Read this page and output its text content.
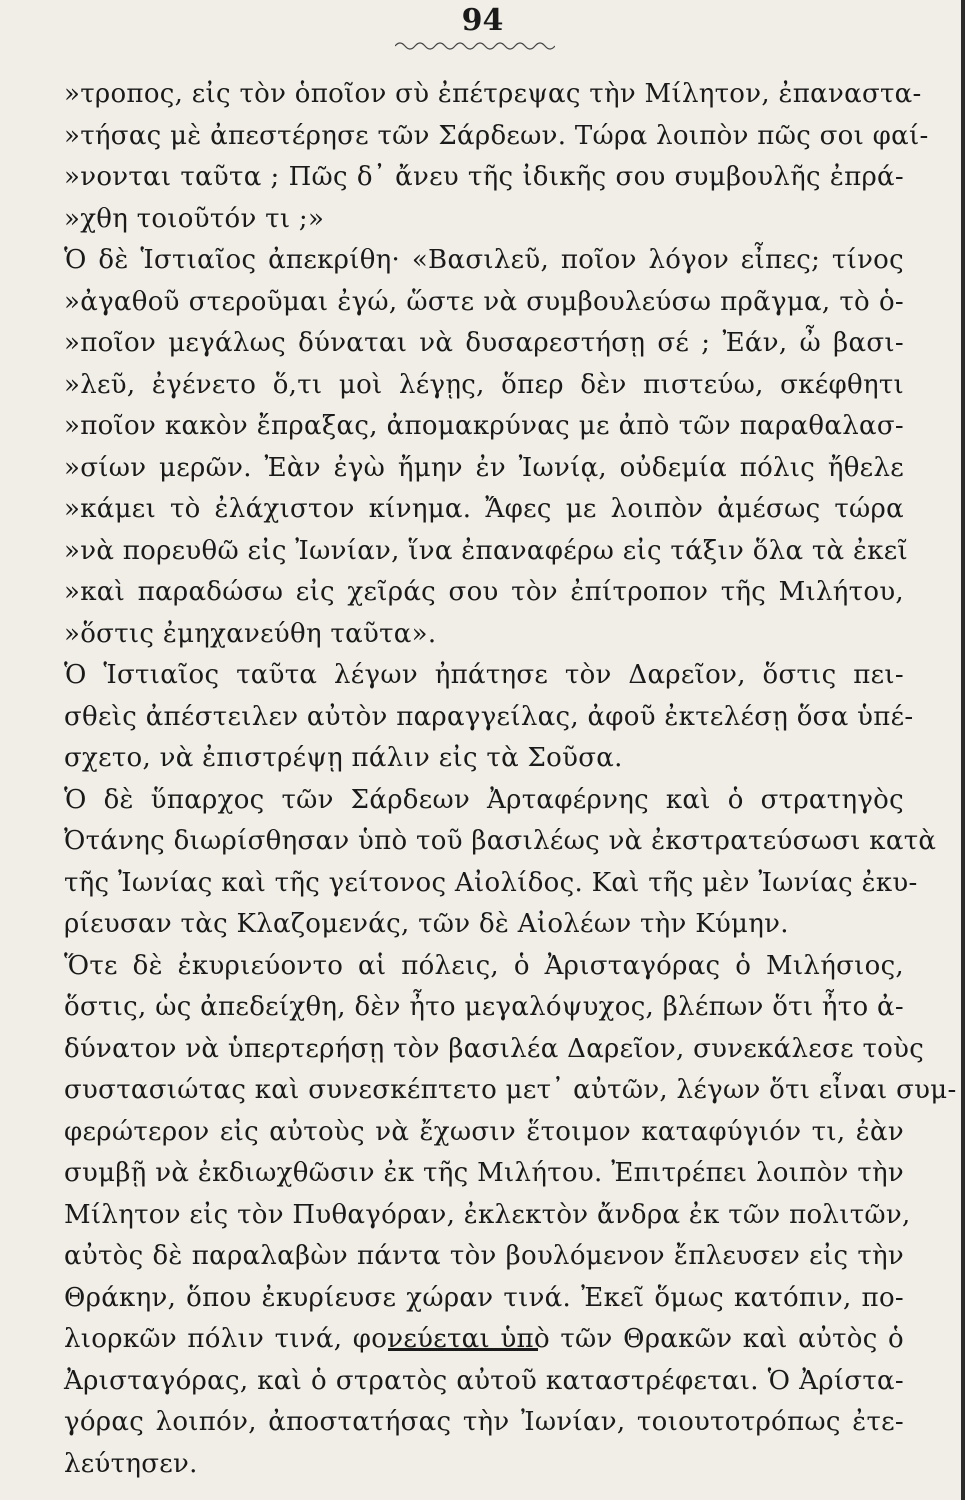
94
»τροπος, εἰς τὸν ὁποῖον σὺ ἐπέτρεψας τὴν Μίλητον, ἐπαναστα-
»τήσας μὲ ἀπεστέρησε τῶν Σάρδεων. Τώρα λοιπὸν πῶς σοι φαί-
»νονται ταῦτα ; Πῶς δ᾽ ἄνευ τῆς ἰδικῆς σου συμβουλῆς ἐπρά-
»χθη τοιοῦτόν τι ;»
Ὁ δὲ Ἱστιαῖος ἀπεκρίθη· «Βασιλεῦ, ποῖον λόγον εἶπες; τίνος
»ἀγαθοῦ στεροῦμαι ἐγώ, ὥστε νὰ συμβουλεύσω πρᾶγμα, τὸ ὁ-
»ποῖον μεγάλως δύναται νὰ δυσαρεστήσῃ σέ ; Ἐάν, ὦ βασι-
»λεῦ, ἐγένετο ὅ,τι μοὶ λέγῃς, ὅπερ δὲν πιστεύω, σκέφθητι
»ποῖον κακὸν ἔπραξας, ἀπομακρύνας με ἀπὸ τῶν παραθαλασ-
»σίων μερῶν. Ἐὰν ἐγὼ ἤμην ἐν Ἰωνίᾳ, οὐδεμία πόλις ἤθελε
»κάμει τὸ ἐλάχιστον κίνημα. Ἄφες με λοιπὸν ἀμέσως τώρα
»νὰ πορευθῶ εἰς Ἰωνίαν, ἵνα ἐπαναφέρω εἰς τάξιν ὅλα τὰ ἐκεῖ
»καὶ παραδώσω εἰς χεῖράς σου τὸν ἐπίτροπον τῆς Μιλήτου,
»ὅστις ἐμηχανεύθη ταῦτα».
Ὁ Ἱστιαῖος ταῦτα λέγων ἠπάτησε τὸν Δαρεῖον, ὅστις πει-
σθεὶς ἀπέστειλεν αὐτὸν παραγγείλας, ἀφοῦ ἐκτελέσῃ ὅσα ὑπέ-
σχετο, νὰ ἐπιστρέψῃ πάλιν εἰς τὰ Σοῦσα.
Ὁ δὲ ὕπαρχος τῶν Σάρδεων Ἀρταφέρνης καὶ ὁ στρατηγὸς
Ὀτάνης διωρίσθησαν ὑπὸ τοῦ βασιλέως νὰ ἐκστρατεύσωσι κατὰ
τῆς Ἰωνίας καὶ τῆς γείτονος Αἰολίδος. Καὶ τῆς μὲν Ἰωνίας ἐκυ-
ρίευσαν τὰς Κλαζομενάς, τῶν δὲ Αἰολέων τὴν Κύμην.
Ὅτε δὲ ἐκυριεύοντο αἱ πόλεις, ὁ Ἀρισταγόρας ὁ Μιλήσιος,
ὅστις, ὡς ἀπεδείχθη, δὲν ἦτο μεγαλόψυχος, βλέπων ὅτι ἦτο ἀ-
δύνατον νὰ ὑπερτερήσῃ τὸν βασιλέα Δαρεῖον, συνεκάλεσε τοὺς
συστασιώτας καὶ συνεσκέπτετο μετ᾽ αὐτῶν, λέγων ὅτι εἶναι συμ-
φερώτερον εἰς αὐτοὺς νὰ ἔχωσιν ἕτοιμον καταφύγιόν τι, ἐὰν
συμβῇ νὰ ἐκδιωχθῶσιν ἐκ τῆς Μιλήτου. Ἐπιτρέπει λοιπὸν τὴν
Μίλητον εἰς τὸν Πυθαγόραν, ἐκλεκτὸν ἄνδρα ἐκ τῶν πολιτῶν,
αὐτὸς δὲ παραλαβὼν πάντα τὸν βουλόμενον ἔπλευσεν εἰς τὴν
Θράκην, ὅπου ἐκυρίευσε χώραν τινά. Ἐκεῖ ὅμως κατόπιν, πο-
λιορκῶν πόλιν τινά, φονεύεται ὑπὸ τῶν Θρακῶν καὶ αὐτὸς ὁ
Ἀρισταγόρας, καὶ ὁ στρατὸς αὐτοῦ καταστρέφεται. Ὁ Ἀρίστα-
γόρας λοιπόν, ἀποστατήσας τὴν Ἰωνίαν, τοιουτοτρόπως ἐτε-
λεύτησεν.
